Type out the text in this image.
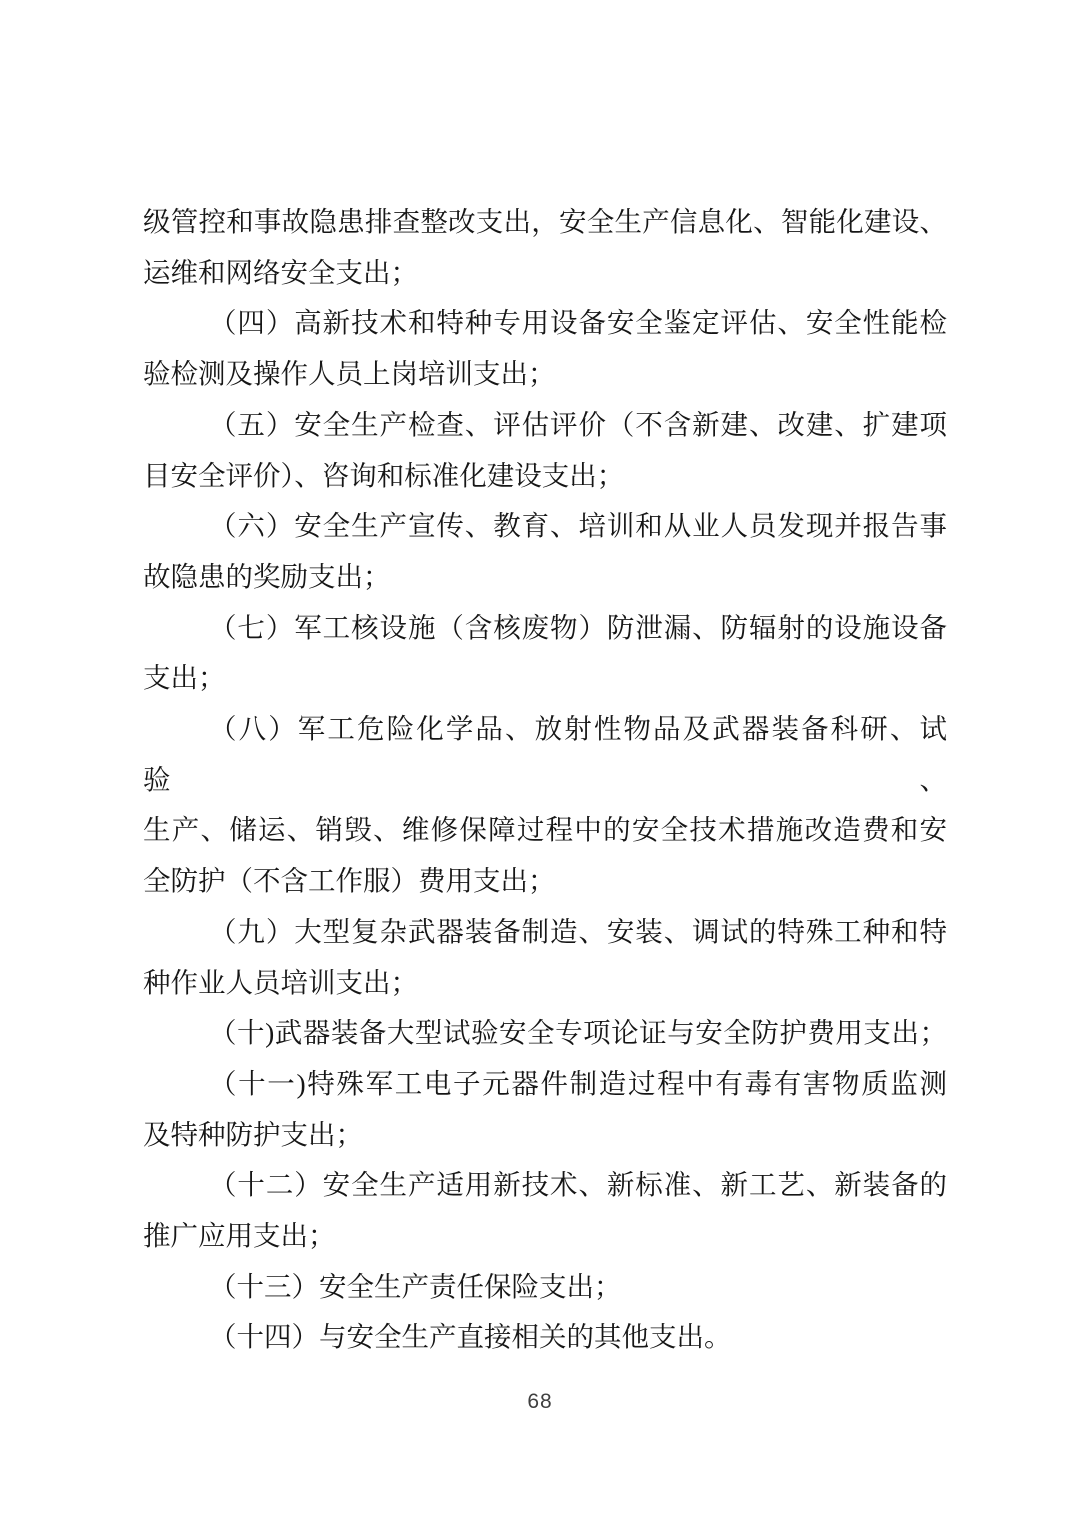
级管控和事故隐患排查整改支出，安全生产信息化、智能化建设、
运维和网络安全支出；
（四）高新技术和特种专用设备安全鉴定评估、安全性能检
验检测及操作人员上岗培训支出；
（五）安全生产检查、评估评价（不含新建、改建、扩建项
目安全评价）、咨询和标准化建设支出；
（六）安全生产宣传、教育、培训和从业人员发现并报告事
故隐患的奖励支出；
（七）军工核设施（含核废物）防泄漏、防辐射的设施设备
支出；
（八）军工危险化学品、放射性物品及武器装备科研、试验、
生产、储运、销毁、维修保障过程中的安全技术措施改造费和安
全防护（不含工作服）费用支出；
（九）大型复杂武器装备制造、安装、调试的特殊工种和特
种作业人员培训支出；
（十)武器装备大型试验安全专项论证与安全防护费用支出；
（十一)特殊军工电子元器件制造过程中有毒有害物质监测
及特种防护支出；
（十二）安全生产适用新技术、新标准、新工艺、新装备的
推广应用支出；
（十三）安全生产责任保险支出；
（十四）与安全生产直接相关的其他支出。
68
